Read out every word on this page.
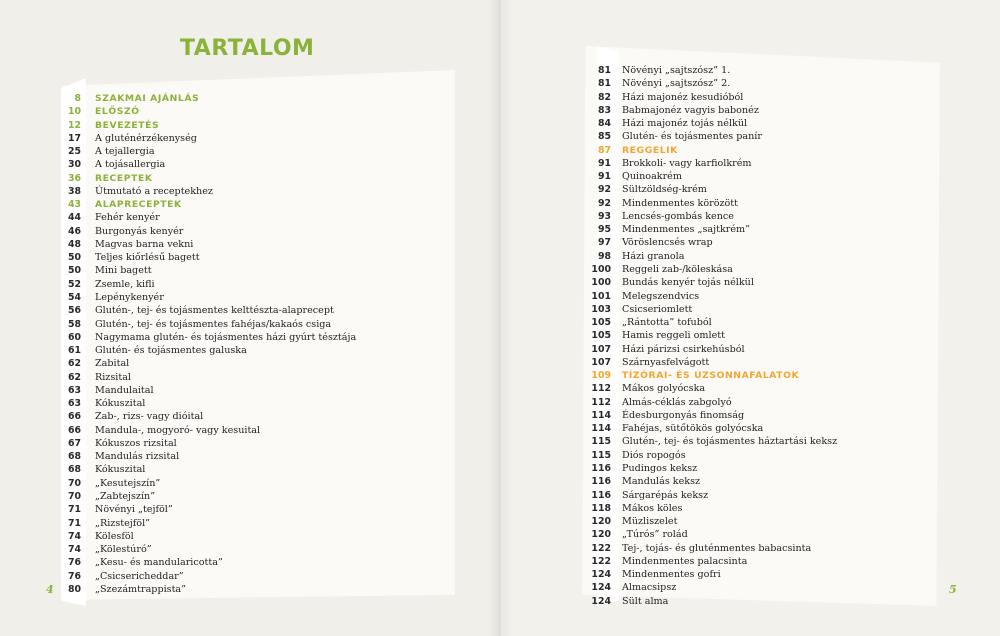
TARTALOM
8 SZAKMAI AJÁNLÁS
10 ELŐSZÓ
12 BEVEZETÉS
17 A gluténérzékenység
25 A tejallergia
30 A tojásallergia
36 RECEPTEK
38 Útmutató a receptekhez
43 ALAPRECEPTEK
44 Fehér kenyér
46 Burgonyás kenyér
48 Magvas barna vekni
50 Teljes kiőrlésű bagett
50 Mini bagett
52 Zsemle, kifli
54 Lepénykenyér
56 Glutén-, tej- és tojásmentes kelttészta-alaprecept
58 Glutén-, tej- és tojásmentes fahéjas/kakaós csiga
60 Nagymama glutén- és tojásmentes házi gyúrt tésztája
61 Glutén- és tojásmentes galuska
62 Zabital
62 Rizsital
63 Mandulaital
63 Kókuszital
66 Zab-, rizs- vagy dióital
66 Mandula-, mogyoró- vagy kesuital
67 Kókuszos rizsital
68 Mandulás rizsital
68 Kókuszital
70 „Kesutejszín”
70 „Zabtejszín”
71 Növényi „tejföl”
71 „Rizstejföl”
74 Kölesföl
74 „Kölestúró”
76 „Kesu- és mandularicotta”
76 „Csicsericheddar”
80 „Szezámtrappista”
81 Növényi „sajtszósz” 1.
81 Növényi „sajtszósz” 2.
82 Házi majonéz kesudióból
83 Babmajonéz vagyis babonéz
84 Házi majonéz tojás nélkül
85 Glutén- és tojásmentes panír
87 REGGELIK
91 Brokkoli- vagy karfiolkrém
91 Quinoakrém
92 Sültzöldség-krém
92 Mindenmentes körözött
93 Lencsés-gombás kence
95 Mindenmentes „sajtkrém”
97 Vöröslencsés wrap
98 Házi granola
100 Reggeli zab-/köleskása
100 Bundás kenyér tojás nélkül
101 Melegszendvics
103 Csicseriomlett
105 „Rántotta” tofuból
105 Hamis reggeli omlett
107 Házi párizsi csirkehúsból
107 Szárnyasfelvágott
109 TÍZÓRAI- ÉS UZSONNAFALATOK
112 Mákos golyócska
112 Almás-céklás zabgolyó
114 Édesburgonyás finomság
114 Fahéjas, sütőtökös golyócska
115 Glutén-, tej- és tojásmentes háztartási keksz
115 Diós ropogós
116 Pudingos keksz
116 Mandulás keksz
116 Sárgarépás keksz
118 Mákos köles
120 Müzliszelet
120 „Túrós” rolád
122 Tej-, tojás- és gluténmentes babacsinta
122 Mindenmentes palacsinta
124 Mindenmentes gofri
124 Almacsipsz
124 Sült alma
4	5
